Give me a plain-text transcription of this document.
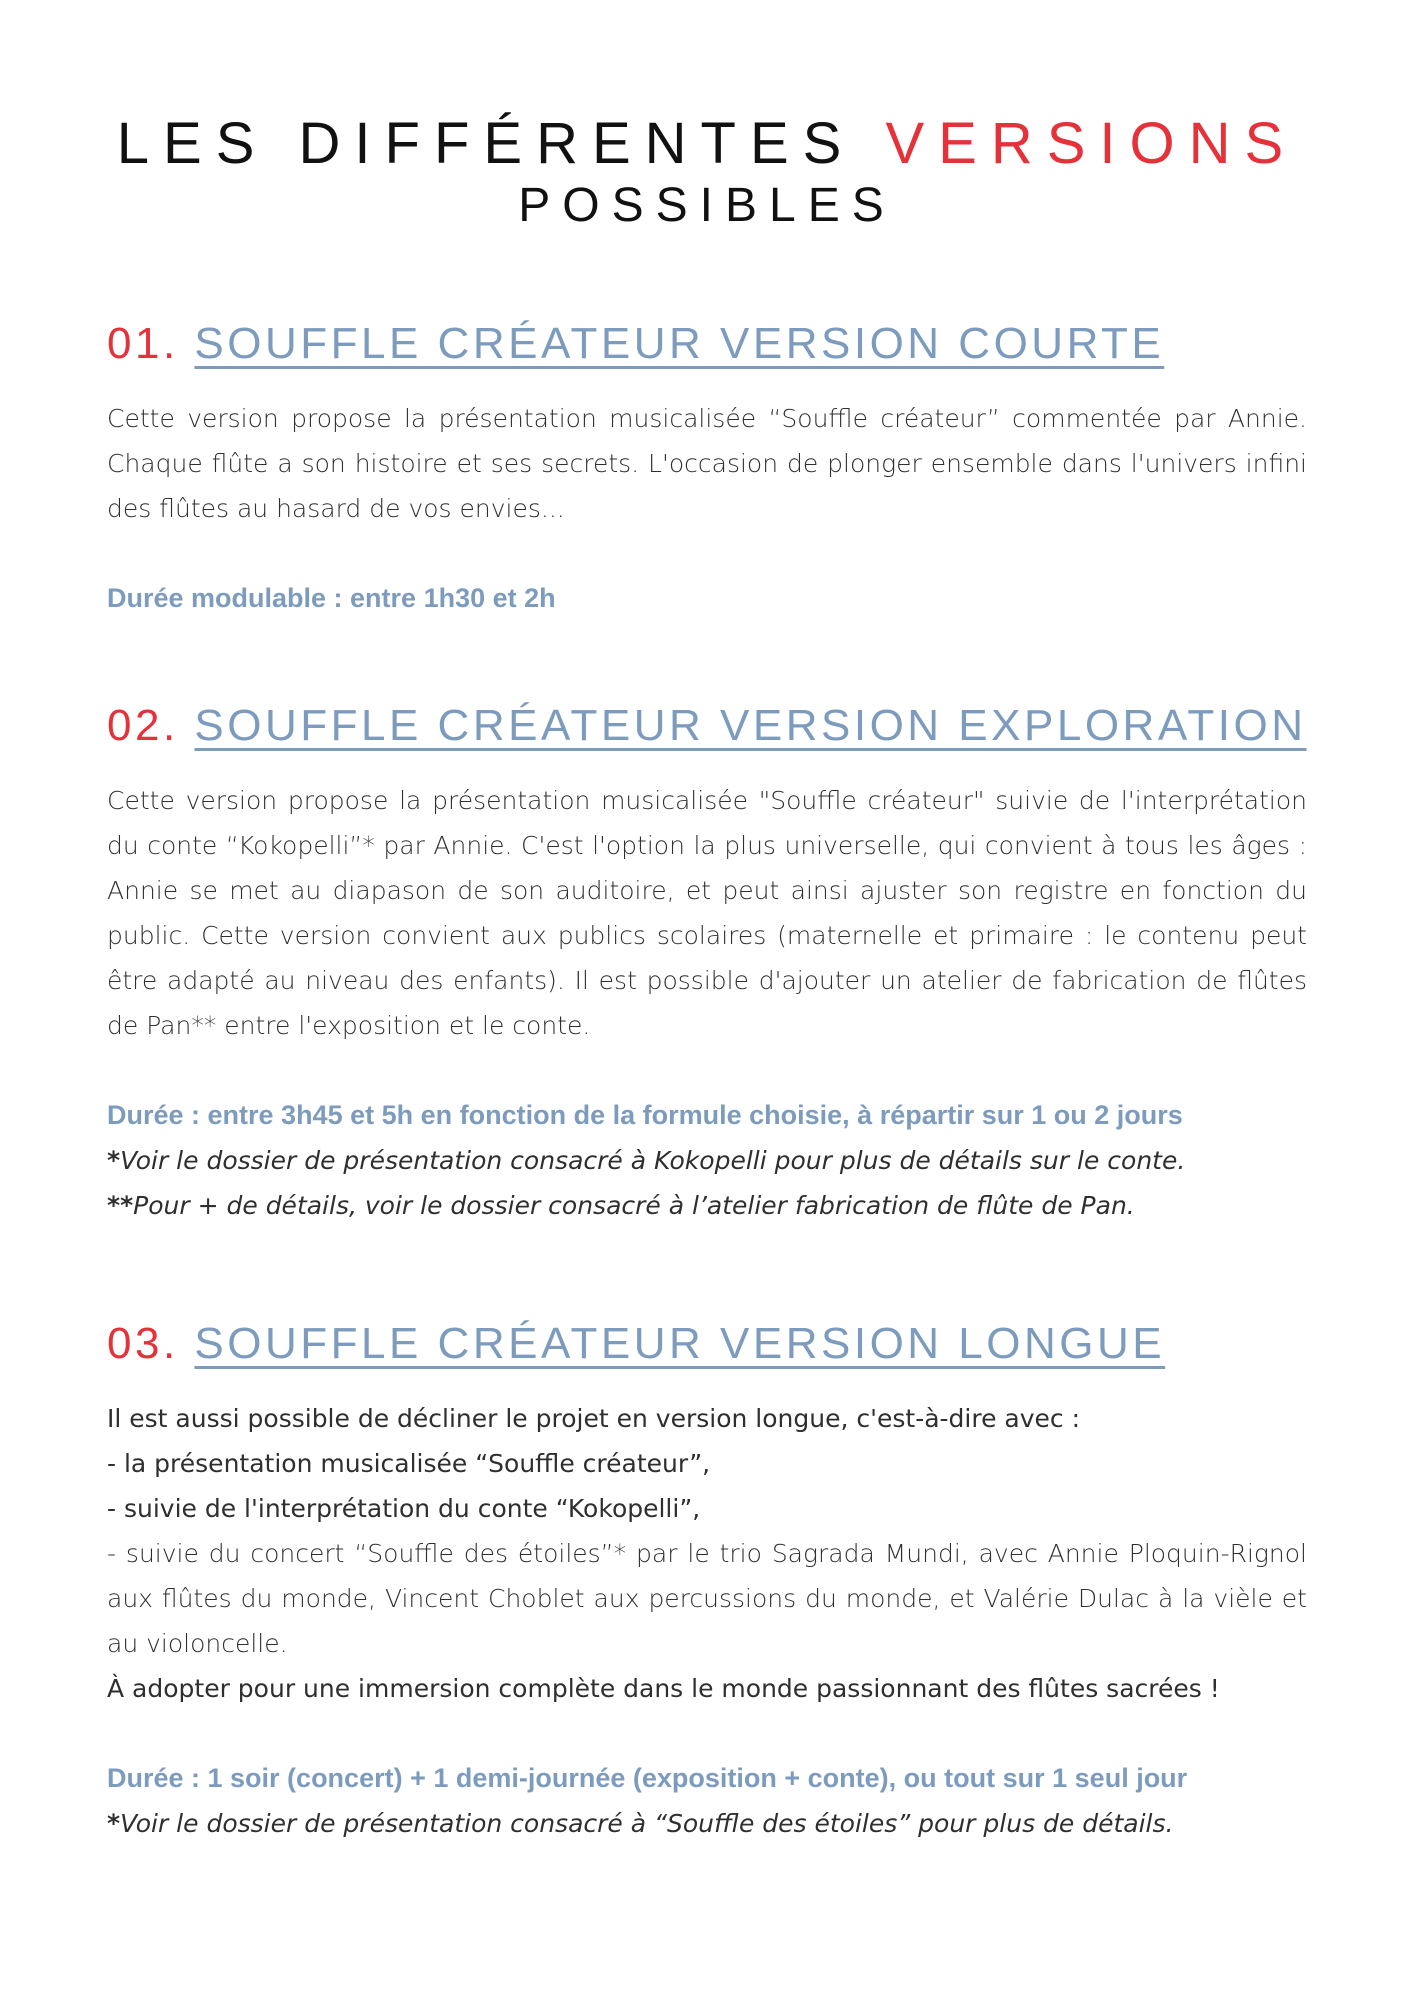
LES DIFFÉRENTES VERSIONS
POSSIBLES
01. SOUFFLE CRÉATEUR VERSION COURTE

Cette version propose la présentation musicalisée “Souffle créateur” commentée par Annie. Chaque flûte a son histoire et ses secrets. L'occasion de plonger ensemble dans l'univers infini des flûtes au hasard de vos envies...

Durée modulable : entre 1h30 et 2h
02. SOUFFLE CRÉATEUR VERSION EXPLORATION

Cette version propose la présentation musicalisée "Souffle créateur" suivie de l'interprétation du conte “Kokopelli”* par Annie. C'est l'option la plus universelle, qui convient à tous les âges : Annie se met au diapason de son auditoire, et peut ainsi ajuster son registre en fonction du public. Cette version convient aux publics scolaires (maternelle et primaire : le contenu peut être adapté au niveau des enfants). Il est possible d'ajouter un atelier de fabrication de flûtes de Pan** entre l'exposition et le conte.

Durée : entre 3h45 et 5h en fonction de la formule choisie, à répartir sur 1 ou 2 jours
*Voir le dossier de présentation consacré à Kokopelli pour plus de détails sur le conte.
**Pour + de détails, voir le dossier consacré à l’atelier fabrication de flûte de Pan.
03. SOUFFLE CRÉATEUR VERSION LONGUE
Il est aussi possible de décliner le projet en version longue, c'est-à-dire avec :
- la présentation musicalisée “Souffle créateur”,
- suivie de l'interprétation du conte “Kokopelli”,

- suivie du concert “Souffle des étoiles”* par le trio Sagrada Mundi, avec Annie Ploquin-Rignol aux flûtes du monde, Vincent Choblet aux percussions du monde, et Valérie Dulac à la vièle et au violoncelle.

À adopter pour une immersion complète dans le monde passionnant des flûtes sacrées !
Durée : 1 soir (concert) + 1 demi-journée (exposition + conte), ou tout sur 1 seul jour
*Voir le dossier de présentation consacré à “Souffle des étoiles” pour plus de détails.
